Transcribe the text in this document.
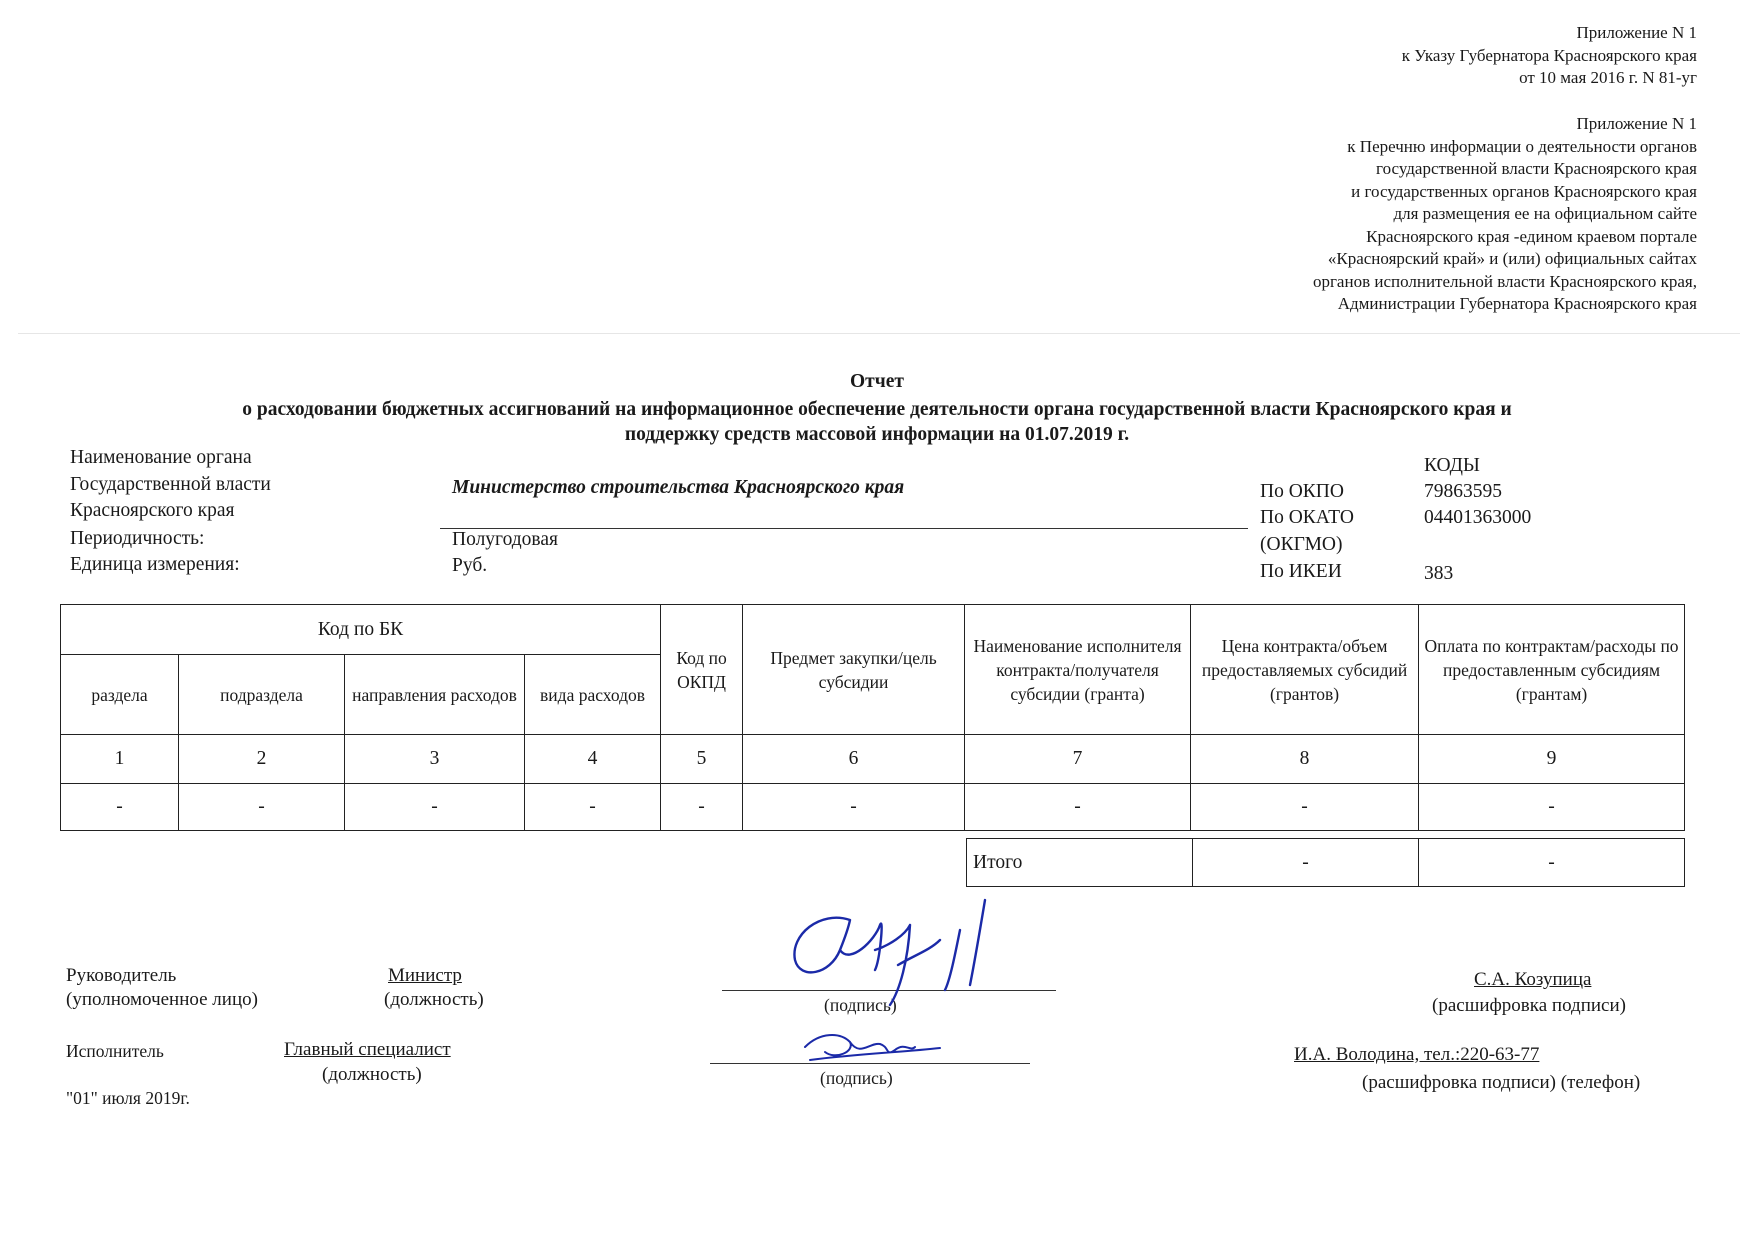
Приложение N 1
к Указу Губернатора Красноярского края
от 10 мая 2016 г. N 81-уг
Приложение N 1
к Перечню информации о деятельности органов
государственной власти Красноярского края
и государственных органов Красноярского края
для размещения ее на официальном сайте
Красноярского края -едином краевом портале
«Красноярский край» и (или) официальных сайтах
органов исполнительной власти Красноярского края,
Администрации Губернатора Красноярского края
Отчет
о расходовании бюджетных ассигнований на информационное обеспечение деятельности органа государственной власти Красноярского края и
поддержку средств массовой информации на 01.07.2019 г.
Наименование органа
Государственной власти
Красноярского края
Министерство строительства Красноярского края
Периодичность:	Полугодовая
Единица измерения:	Руб.
КОДЫ
По ОКПО	79863595
По ОКАТО	04401363000
(ОКГМО)
По ИКЕИ	383
Код по БК				Код по ОКПД	Предмет закупки/цель субсидии	Наименование исполнителя контракта/получателя субсидии (гранта)	Цена контракта/объем предоставляемых субсидий (грантов)	Оплата по контрактам/расходы по предоставленным субсидиям (грантам)
раздела	подраздела	направления расходов	вида расходов					
1	2	3	4	5	6	7	8	9
-	-	-	-	-	-	-	-	-
Итого	-	-
Руководитель
(уполномоченное лицо)
Министр
(должность)	(подпись)
С.А. Козупица
(расшифровка подписи)
Исполнитель	Главный специалист
(должность)	(подпись)
И.А. Володина, тел.:220-63-77
(расшифровка подписи) (телефон)
"01" июля 2019г.
